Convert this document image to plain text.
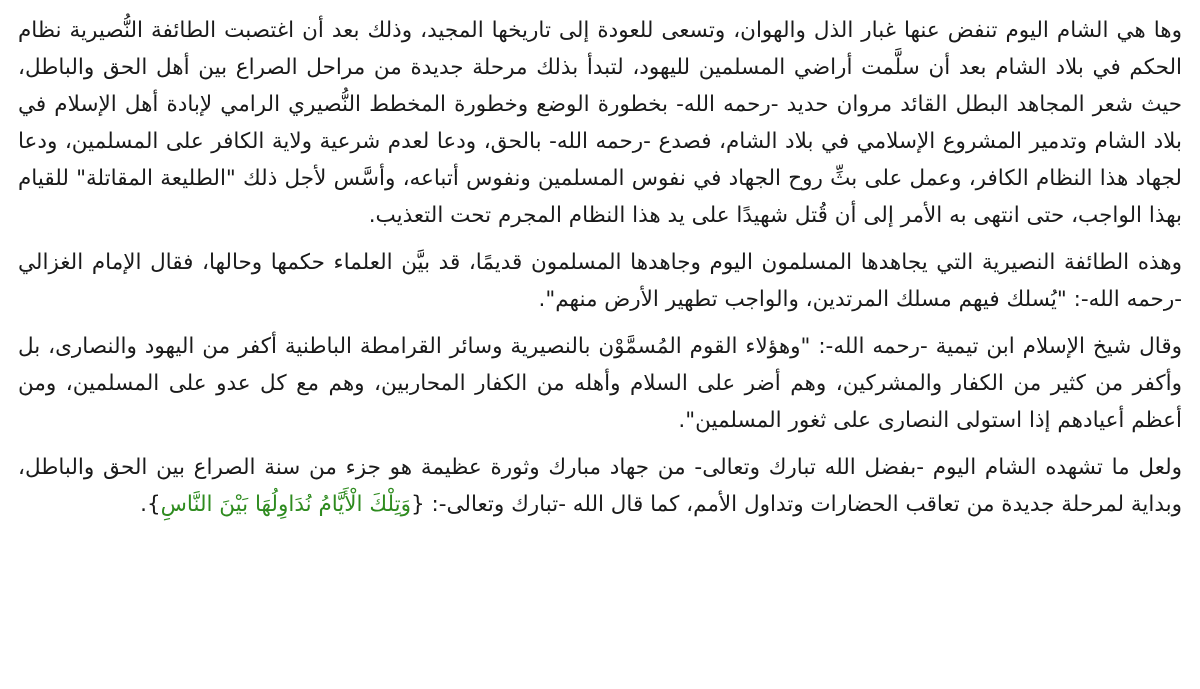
وها هي الشام اليوم تنفض عنها غبار الذل والهوان، وتسعى للعودة إلى تاريخها المجيد، وذلك بعد أن اغتصبت الطائفة النُّصيرية نظام الحكم في بلاد الشام بعد أن سلَّمت أراضي المسلمين لليهود، لتبدأ بذلك مرحلة جديدة من مراحل الصراع بين أهل الحق والباطل، حيث شعر المجاهد البطل القائد مروان حديد -رحمه الله- بخطورة الوضع وخطورة المخطط النُّصيري الرامي لإبادة أهل الإسلام في بلاد الشام وتدمير المشروع الإسلامي في بلاد الشام، فصدع -رحمه الله- بالحق، ودعا لعدم شرعية ولاية الكافر على المسلمين، ودعا لجهاد هذا النظام الكافر، وعمل على بثِّ روح الجهاد في نفوس المسلمين ونفوس أتباعه، وأسَّس لأجل ذلك "الطليعة المقاتلة" للقيام بهذا الواجب، حتى انتهى به الأمر إلى أن قُتل شهيدًا على يد هذا النظام المجرم تحت التعذيب.

وهذه الطائفة النصيرية التي يجاهدها المسلمون اليوم وجاهدها المسلمون قديمًا، قد بيَّن العلماء حكمها وحالها، فقال الإمام الغزالي -رحمه الله-: "يُسلك فيهم مسلك المرتدين، والواجب تطهير الأرض منهم".

وقال شيخ الإسلام ابن تيمية -رحمه الله-: "وهؤلاء القوم المُسمَّوْن بالنصيرية وسائر القرامطة الباطنية أكفر من اليهود والنصارى، بل وأكفر من كثير من الكفار والمشركين، وهم أضر على السلام وأهله من الكفار المحاربين، وهم مع كل عدو على المسلمين، ومن أعظم أعيادهم إذا استولى النصارى على ثغور المسلمين".

ولعل ما تشهده الشام اليوم -بفضل الله تبارك وتعالى- من جهاد مبارك وثورة عظيمة هو جزء من سنة الصراع بين الحق والباطل، وبداية لمرحلة جديدة من تعاقب الحضارات وتداول الأمم، كما قال الله -تبارك وتعالى-: {وَتِلْكَ الْأَيَّامُ نُدَاوِلُهَا بَيْنَ النَّاسِ}.
